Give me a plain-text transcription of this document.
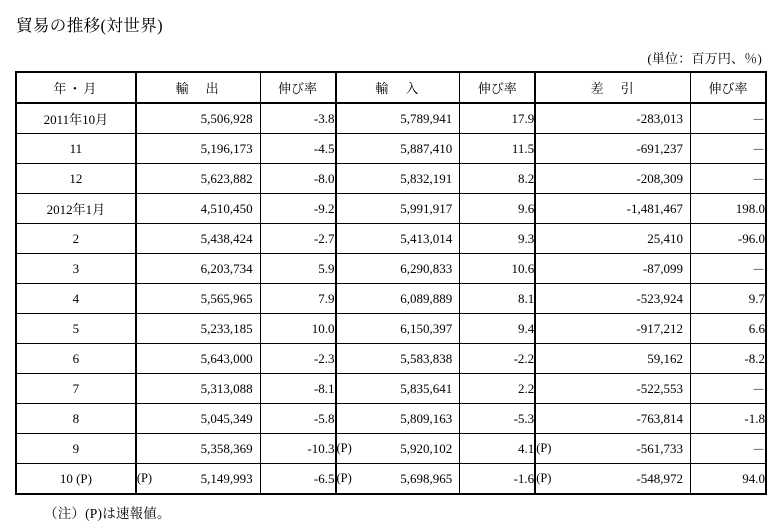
貿易の推移(対世界)
(単位：百万円、％)
年・月	輸　出	伸び率	輸　入	伸び率	差　引	伸び率
2011年10月	5,506,928	-3.8	5,789,941	17.9	-283,013	－
11	5,196,173	-4.5	5,887,410	11.5	-691,237	－
12	5,623,882	-8.0	5,832,191	8.2	-208,309	－
2012年1月	4,510,450	-9.2	5,991,917	9.6	-1,481,467	198.0
2	5,438,424	-2.7	5,413,014	9.3	25,410	-96.0
3	6,203,734	5.9	6,290,833	10.6	-87,099	－
4	5,565,965	7.9	6,089,889	8.1	-523,924	9.7
5	5,233,185	10.0	6,150,397	9.4	-917,212	6.6
6	5,643,000	-2.3	5,583,838	-2.2	59,162	-8.2
7	5,313,088	-8.1	5,835,641	2.2	-522,553	－
8	5,045,349	-5.8	5,809,163	-5.3	-763,814	-1.8
9	5,358,369	-10.3	(P) 5,920,102	4.1	(P) -561,733	－
10 (P)	(P) 5,149,993	-6.5	(P) 5,698,965	-1.6	(P) -548,972	94.0
（注）(P)は速報値。
